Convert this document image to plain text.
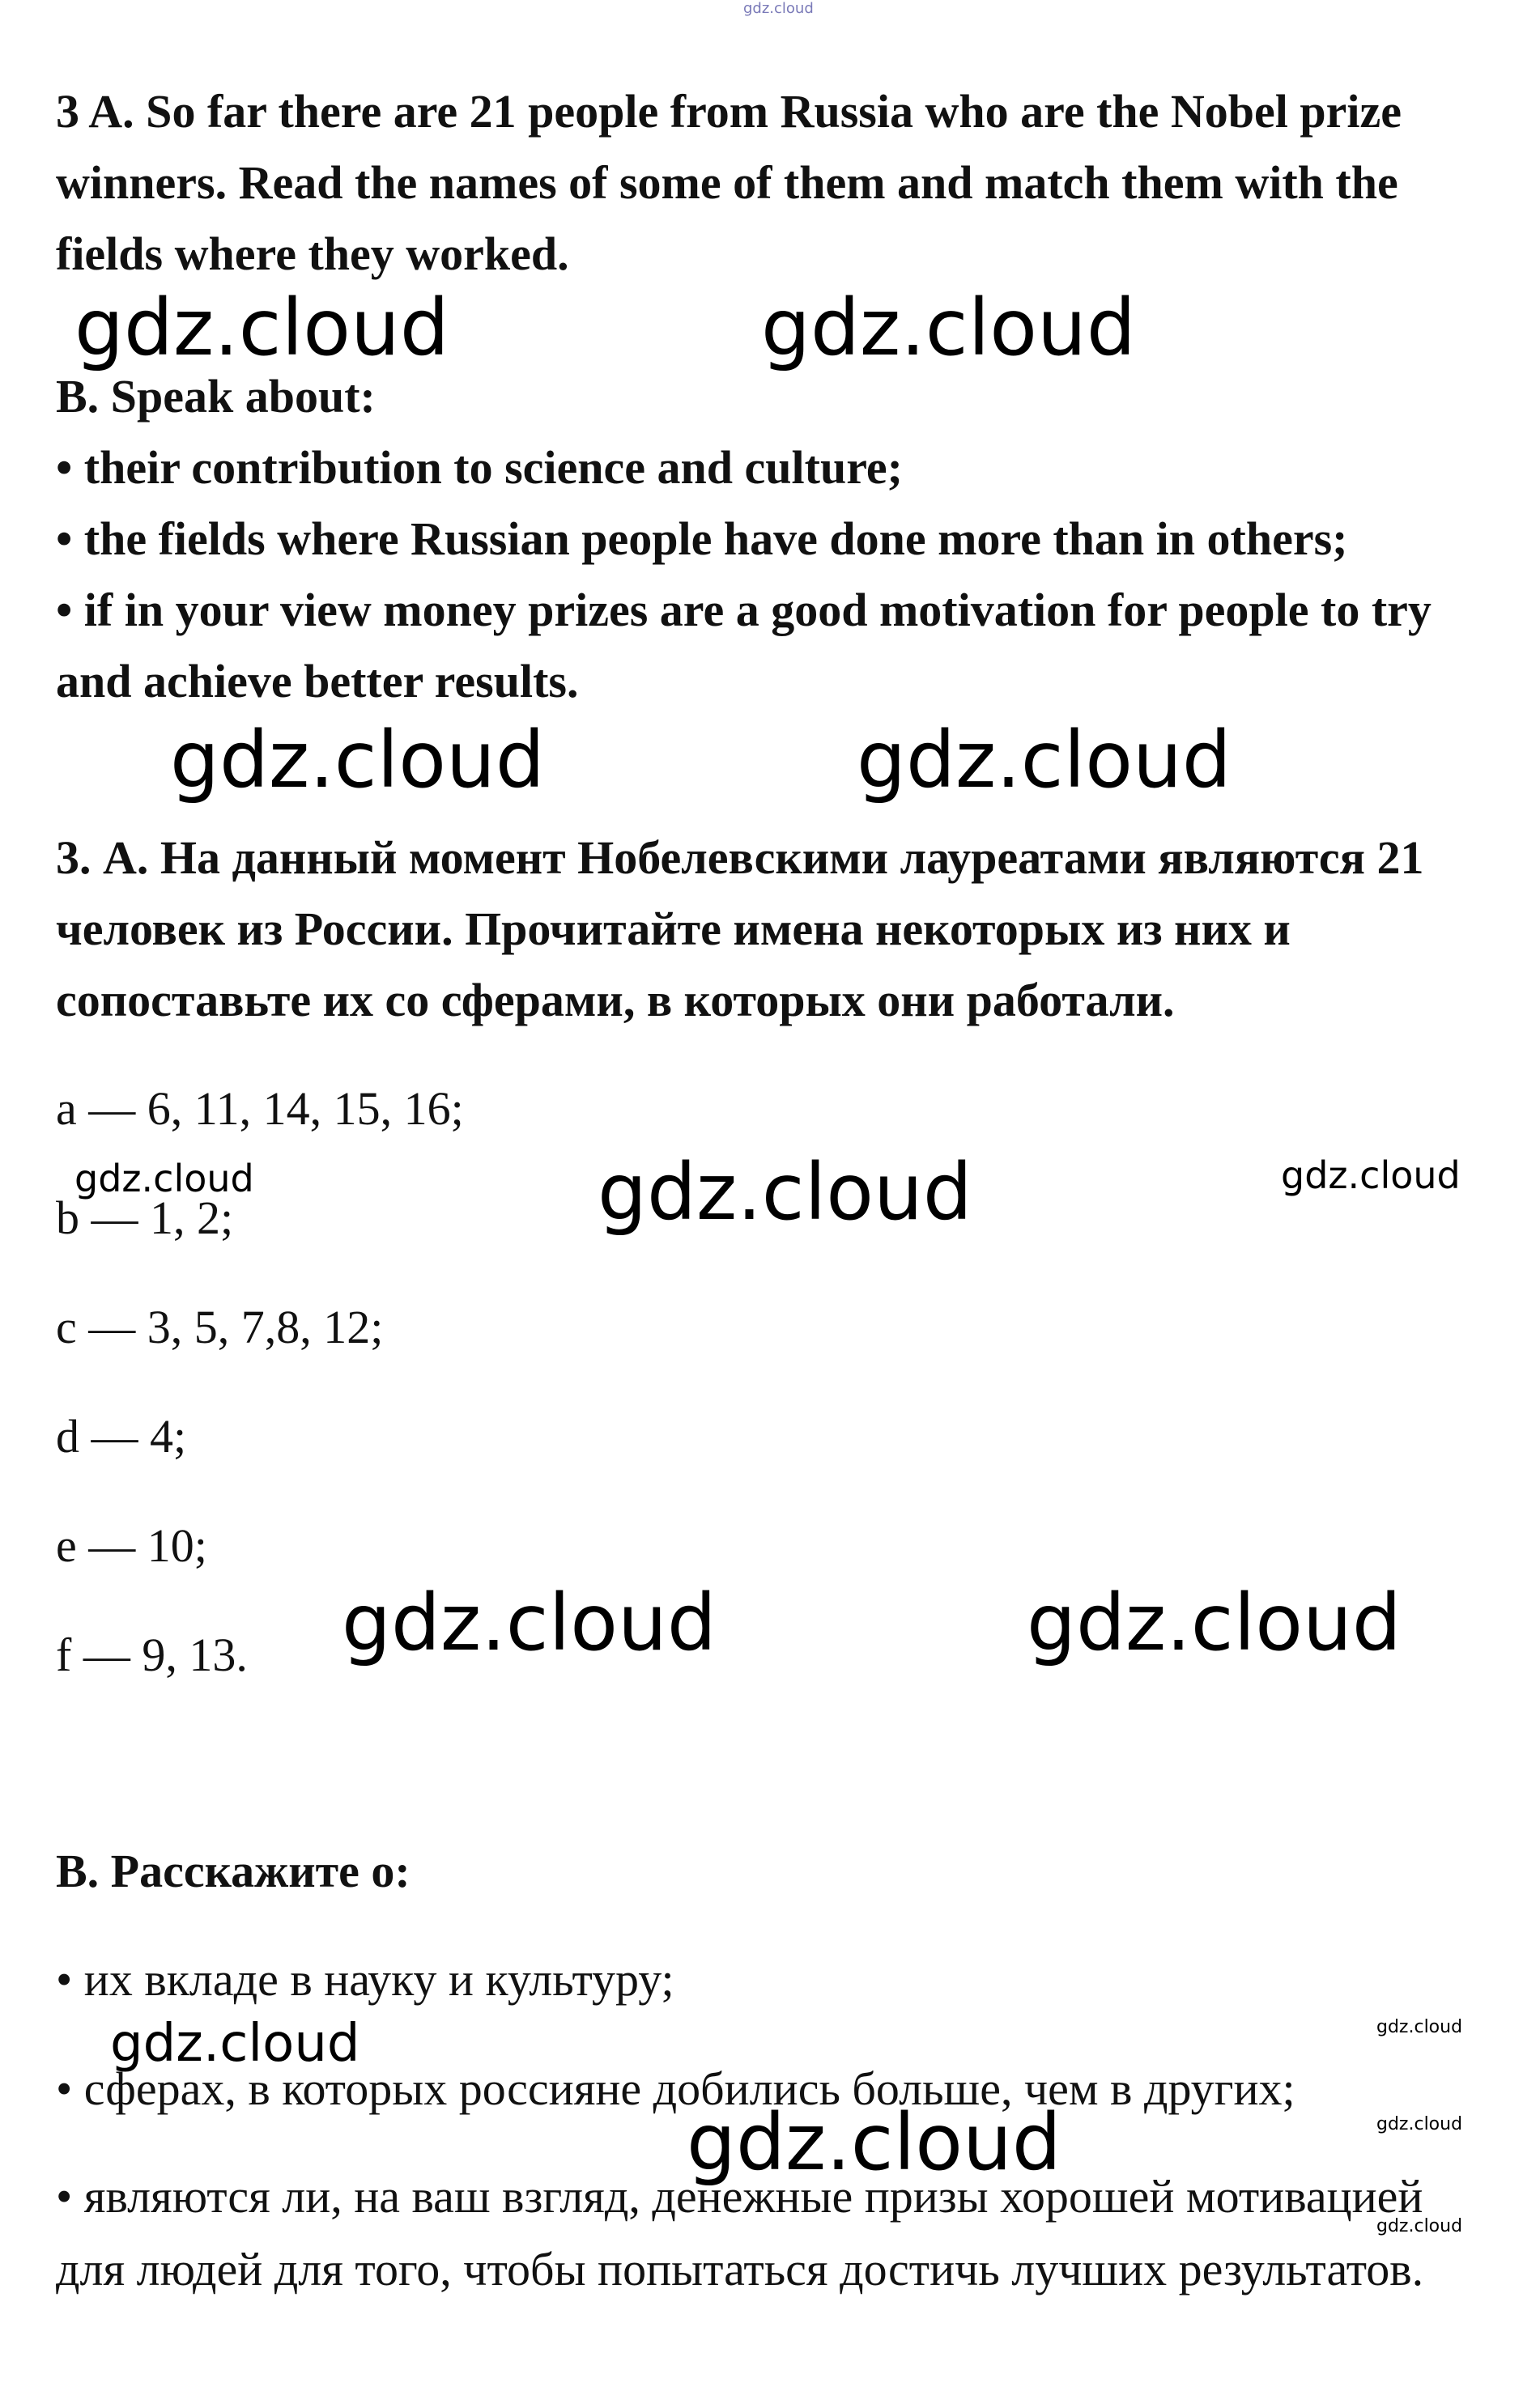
gdz.cloud
3 A. So far there are 21 people from Russia who are the Nobel prize
winners. Read the names of some of them and match them with the
fields where they worked.
gdz.cloud	gdz.cloud
B. Speak about:
• their contribution to science and culture;
• the fields where Russian people have done more than in others;
• if in your view money prizes are a good motivation for people to try
and achieve better results.
gdz.cloud	gdz.cloud
3. А. На данный момент Нобелевскими лауреатами являются 21
человек из России. Прочитайте имена некоторых из них и
сопоставьте их со сферами, в которых они работали.
a — 6, 11, 14, 15, 16;
b — 1, 2;
c — 3, 5, 7,8, 12;
d — 4;
e — 10;
f — 9, 13.
gdz.cloud	gdz.cloud	gdz.cloud
gdz.cloud	gdz.cloud
В. Расскажите о:
• их вкладе в науку и культуру;
• сферах, в которых россияне добились больше, чем в других;
• являются ли, на ваш взгляд, денежные призы хорошей мотивацией
для людей для того, чтобы попытаться достичь лучших результатов.
gdz.cloud	gdz.cloud
gdz.cloud	gdz.cloud
gdz.cloud
